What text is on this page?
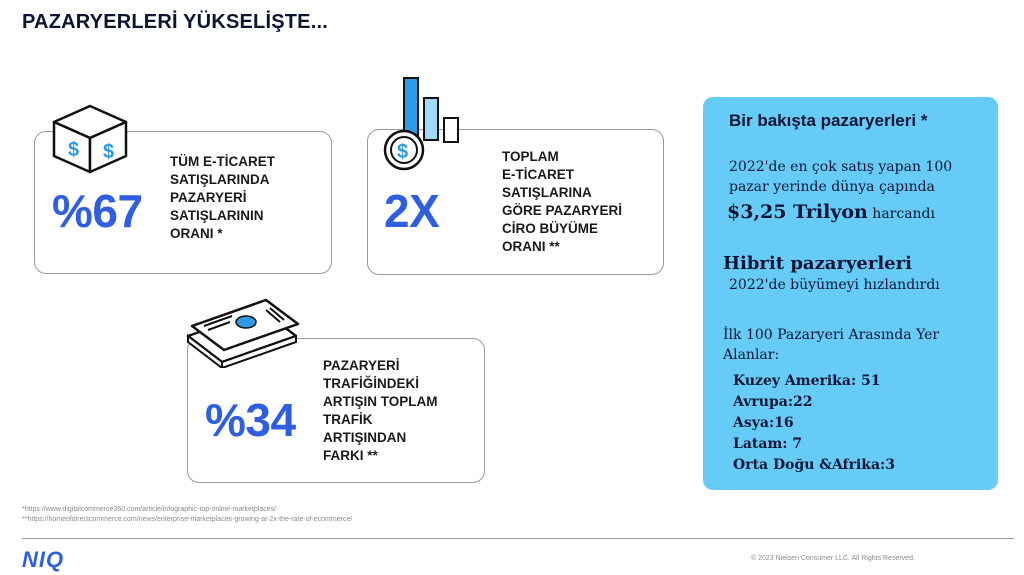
PAZARYERLERİ YÜKSELİŞTE...
$ $
%67
TÜM E-TİCARET
SATIŞLARINDA
PAZARYERİ
SATIŞLARININ
ORANI *
$
2X
TOPLAM
E-TİCARET
SATIŞLARINA
GÖRE PAZARYERİ
CİRO BÜYÜME
ORANI **
%34
PAZARYERİ
TRAFİĞİNDEKİ
ARTIŞIN TOPLAM
TRAFİK
ARTIŞINDAN
FARKI **
Bir bakışta pazaryerleri *
2022'de en çok satış yapan 100
pazar yerinde dünya çapında
$3,25 Trilyon harcandı
Hibrit pazaryerleri
2022'de büyümeyi hızlandırdı
İlk 100 Pazaryeri Arasında Yer
Alanlar:
Kuzey Amerika: 51
Avrupa:22
Asya:16
Latam: 7
Orta Doğu &Afrika:3
*https://www.digitalcommerce360.com/article/infographic-top-online-marketplaces/
**https://homeofdirectcommerce.com/news/enterprise-marketplaces-growing-at-2x-the-rate-of-ecommerce/
NIQ	© 2023 Nielsen Consumer LLC. All Rights Reserved.
